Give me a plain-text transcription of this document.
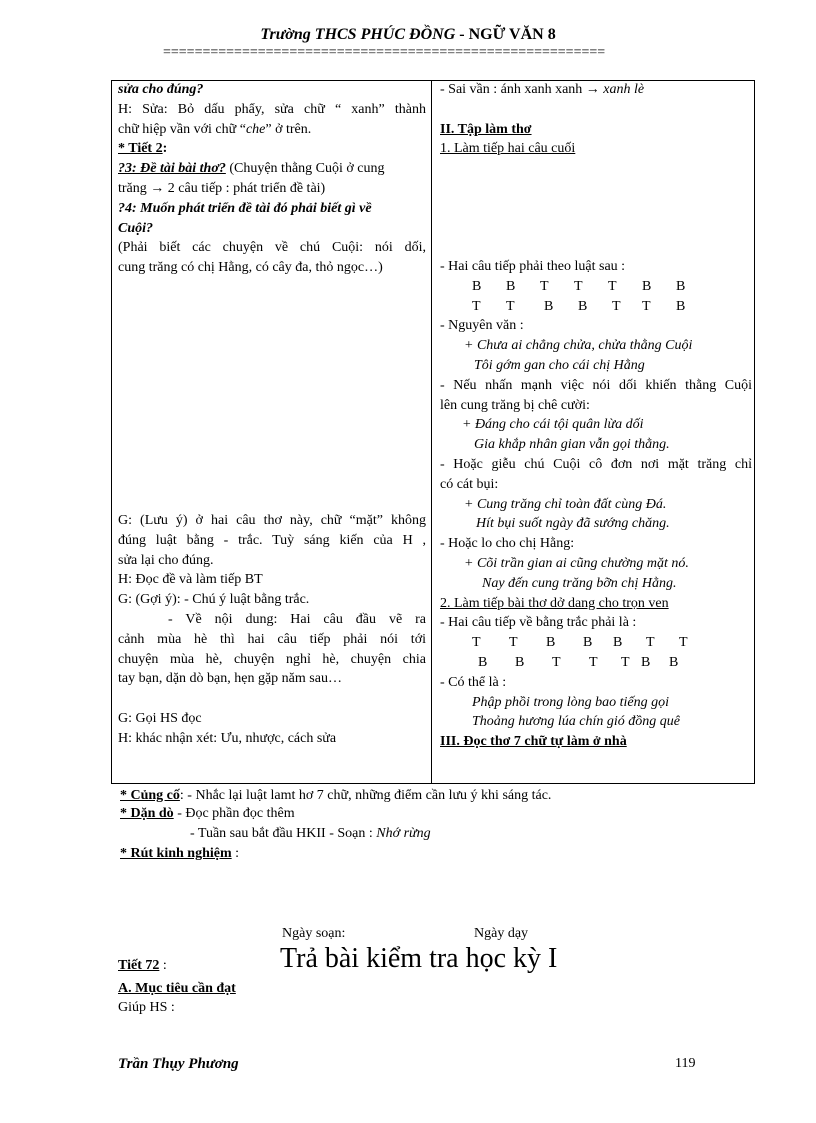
Trường THCS PHÚC ĐỒNG - NGỮ VĂN 8
========================================================

sửa cho đúng?

H: Sửa: Bỏ dấu phẩy, sửa chữ “ xanh” thành

chữ hiệp vần với chữ “che” ở trên.

* Tiết 2:

?3: Đề tài bài thơ? (Chuyện thằng Cuội ở cung

trăng → 2 câu tiếp : phát triển đề tài)

?4: Muốn phát triển đề tài đó phải biết gì về

Cuội?

(Phải biết các chuyện về chú Cuội: nói dối,

cung trăng có chị Hằng, có cây đa, thỏ ngọc…)

G: (Lưu ý) ở hai câu thơ này, chữ “mặt” không

đúng luật bằng - trắc. Tuỳ sáng kiến của H ,

sửa lại cho đúng.

H: Đọc đề và làm tiếp BT

G: (Gợi ý): - Chú ý luật bằng trắc.

- Về nội dung: Hai câu đầu vẽ ra

cảnh mùa hè thì hai câu tiếp phải nói tới

chuyện mùa hè, chuyện nghỉ hè, chuyện chia

tay bạn, dặn dò bạn, hẹn gặp năm sau…

G: Gọi HS đọc

H: khác nhận xét: Ưu, nhược, cách sửa

- Sai vần : ánh xanh xanh → xanh lè

II. Tập làm thơ

1. Làm tiếp hai câu cuối

- Hai câu tiếp phải theo luật sau :

B	B	T	T	T	B	B

T	T	B	B	T	T	B

- Nguyên văn :

+ Chưa ai chẳng chửa, chửa thằng Cuội

Tôi gớm gan cho cái chị Hằng

- Nếu nhấn mạnh việc nói dối khiến thằng Cuội

lên cung trăng bị chê cười:

+ Đáng cho cái tội quân lừa dối

Gia khắp nhân gian vẫn gọi thằng.

- Hoặc giễu chú Cuội cô đơn nơi mặt trăng chỉ

có cát bụi:

+ Cung trăng chỉ toàn đất cùng Đá.

Hít bụi suốt ngày đã sướng chăng.

- Hoặc lo cho chị Hằng:

+ Cõi trần gian ai cũng chường mặt nó.

Nay đến cung trăng bỡn chị Hằng.

2. Làm tiếp bài thơ dở dang cho trọn ven

- Hai câu tiếp về bằng trắc phải là :

T	T	B	B	B	T	T

B	B	T	T	T B	B

- Có thể là :

Phập phồi trong lòng bao tiếng gọi

Thoảng hương lúa chín gió đồng quê

III. Đọc thơ 7 chữ tự làm ở nhà

* Củng cố: - Nhắc lại luật lamt hơ 7 chữ, những điểm cần lưu ý khi sáng tác.
* Dặn dò - Đọc phần đọc thêm
- Tuần sau bắt đầu HKII - Soạn : Nhớ rừng
* Rút kinh nghiệm :
Ngày soạn:	Ngày dạy
Tiết 72 :	Trả bài kiểm tra học kỳ I
A. Mục tiêu cần đạt
Giúp HS :
Trần Thụy Phương	119
